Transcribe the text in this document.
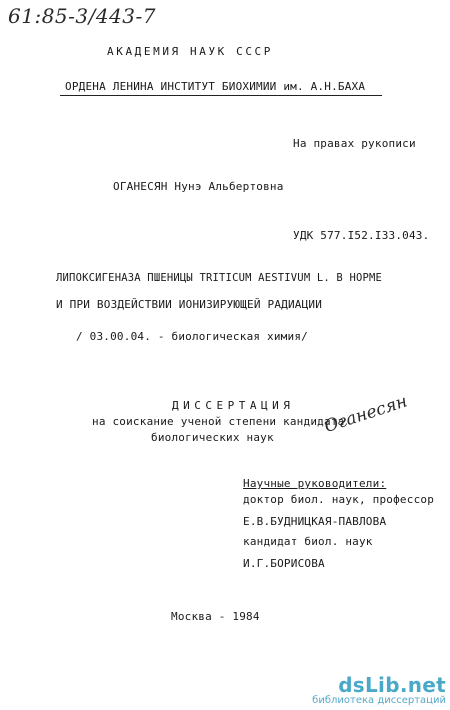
61:85-3/443-7
АКАДЕМИЯ НАУК СССР
ОРДЕНА ЛЕНИНА ИНСТИТУТ БИОХИМИИ им. А.Н.БАХА
На правах рукописи
ОГАНЕСЯН Нунэ Альбертовна
УДК 577.I52.I33.043.
ЛИПОКСИГЕНАЗА ПШЕНИЦЫ TRITICUM AESTIVUM L. В НОРМЕ
И ПРИ ВОЗДЕЙСТВИИ ИОНИЗИРУЮЩЕЙ РАДИАЦИИ
/ 03.00.04. - биологическая химия/
ДИССЕРТАЦИЯ
на соискание ученой степени кандидата
биологических наук
Оганесян
Научные руководители:
доктор биол. наук, профессор
Е.В.БУДНИЦКАЯ-ПАВЛОВА
кандидат биол. наук
И.Г.БОРИСОВА
Москва - 1984
dsLib.net
библиотека диссертаций
